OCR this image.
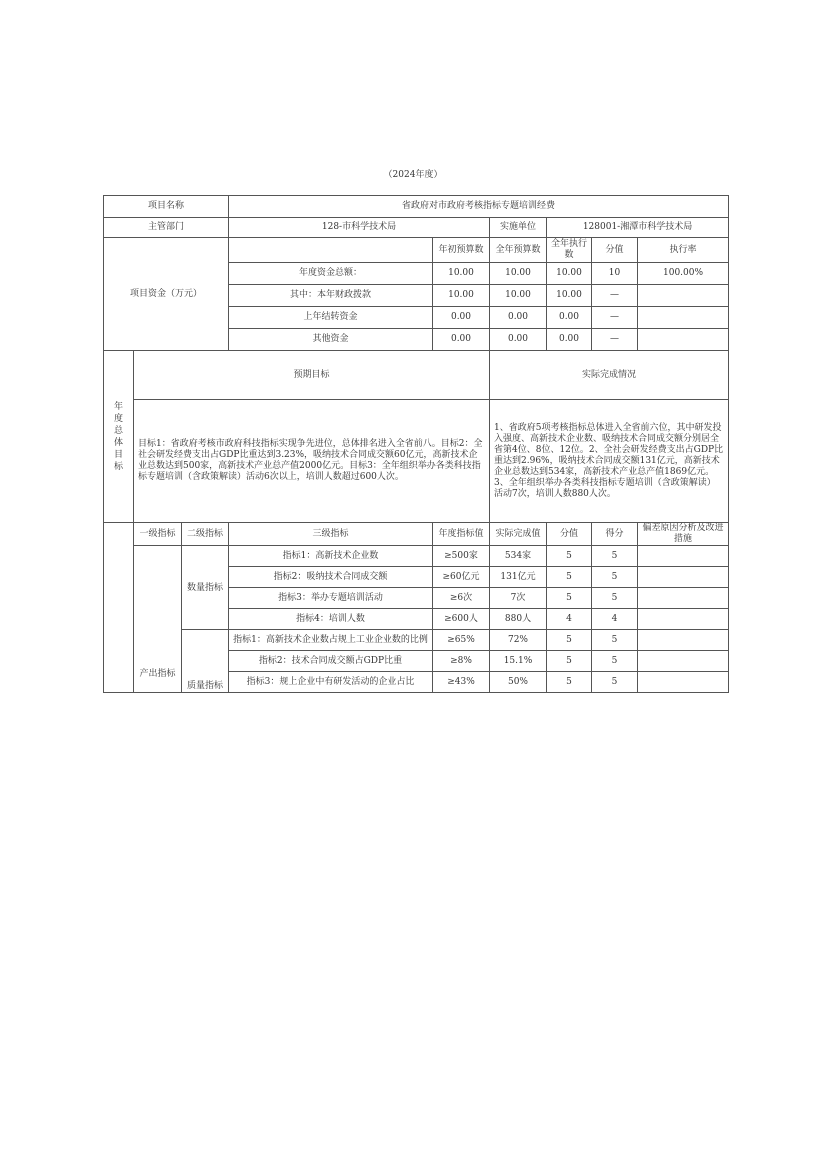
（2024年度）
项目名称			省政府对市政府考核指标专题培训经费						
主管部门			128-市科学技术局		实施单位	128001-湘潭市科学技术局			
项目资金（万元）				年初预算数	全年预算数	全年执行数	分值	执行率	
			年度资金总额：	10.00	10.00	10.00	10	100.00%	
			其中：本年财政拨款	10.00	10.00	10.00	—		
			上年结转资金	0.00	0.00	0.00	—		
			其他资金	0.00	0.00	0.00	—		
年度总体目标	预期目标				实际完成情况				
	目标1：省政府考核市政府科技指标实现争先进位，总体排名进入全省前八。目标2：全社会研发经费支出占GDP比重达到3.23%，吸纳技术合同成交额60亿元，高新技术企业总数达到500家，高新技术产业总产值2000亿元。目标3：全年组织举办各类科技指标专题培训（含政策解读）活动6次以上，培训人数超过600人次。				1、省政府5项考核指标总体进入全省前六位，其中研发投入强度、高新技术企业数、吸纳技术合同成交额分别居全省第4位、8位、12位。2、全社会研发经费支出占GDP比重达到2.96%，吸纳技术合同成交额131亿元，高新技术企业总数达到534家，高新技术产业总产值1869亿元。3、全年组织举办各类科技指标专题培训（含政策解读）活动7次，培训人数880人次。				
	一级指标	二级指标	三级指标	年度指标值	实际完成值	分值	得分	偏差原因分析及改进措施	
	产出指标	数量指标	指标1：高新技术企业数	≥500家	534家	5	5		
			指标2：吸纳技术合同成交额	≥60亿元	131亿元	5	5		
			指标3：举办专题培训活动	≥6次	7次	5	5		
			指标4：培训人数	≥600人	880人	4	4		
		质量指标	指标1：高新技术企业数占规上工业企业数的比例	≥65%	72%	5	5		
			指标2：技术合同成交额占GDP比重	≥8%	15.1%	5	5		
			指标3：规上企业中有研发活动的企业占比	≥43%	50%	5	5		
